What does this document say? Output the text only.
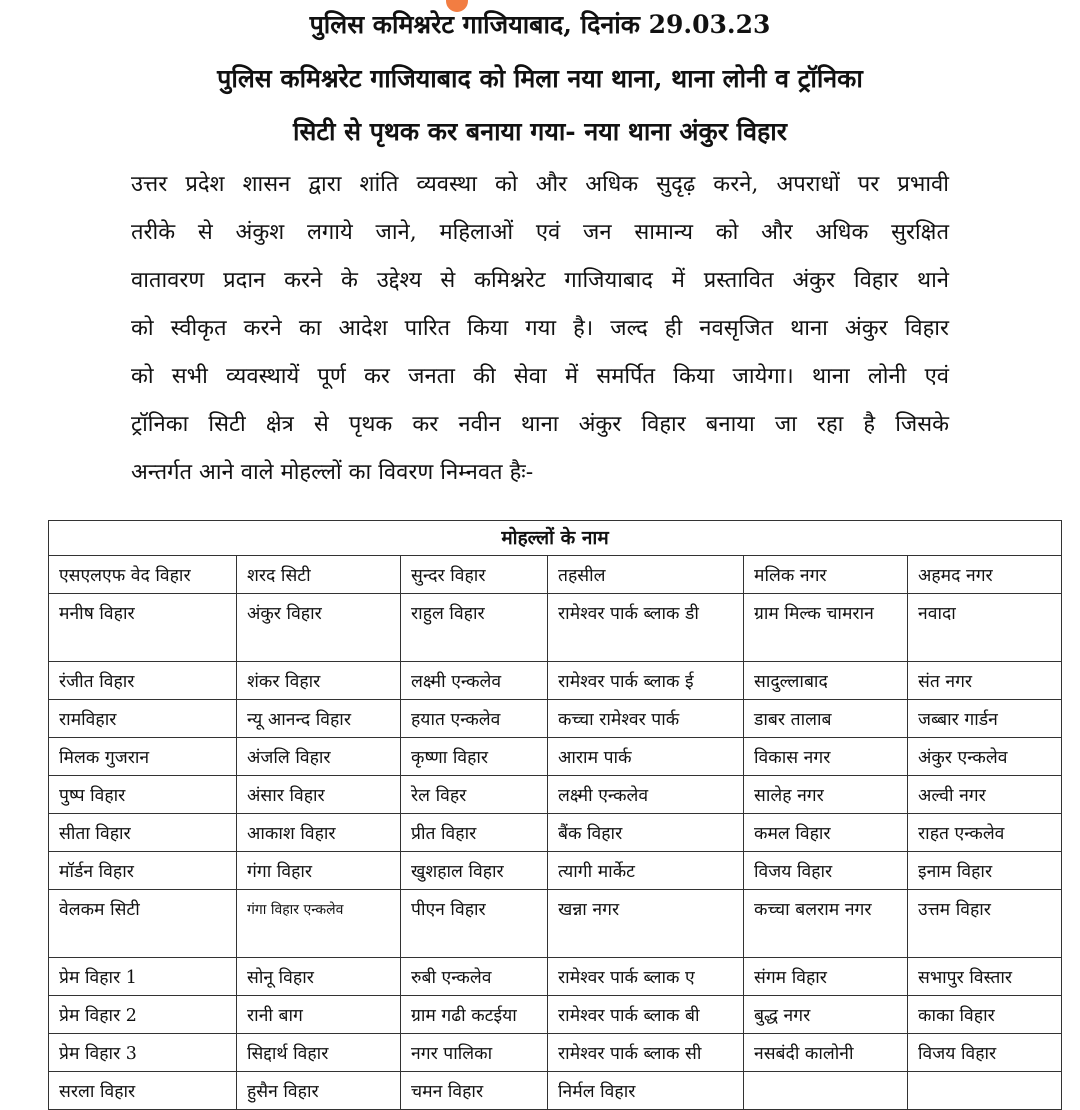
पुलिस कमिश्नरेट गाजियाबाद, दिनांक 29.03.23
पुलिस कमिश्नरेट गाजियाबाद को मिला नया थाना, थाना लोनी व ट्रॉनिका
सिटी से पृथक कर बनाया गया- नया थाना अंकुर विहार
उत्तर प्रदेश शासन द्वारा शांति व्यवस्था को और अधिक सुदृढ़ करने, अपराधों पर प्रभावी
तरीके से अंकुश लगाये जाने, महिलाओं एवं जन सामान्य को और अधिक सुरक्षित
वातावरण प्रदान करने के उद्देश्य से कमिश्नरेट गाजियाबाद में प्रस्तावित अंकुर विहार थाने
को स्वीकृत करने का आदेश पारित किया गया है। जल्द ही नवसृजित थाना अंकुर विहार
को सभी व्यवस्थायें पूर्ण कर जनता की सेवा में समर्पित किया जायेगा। थाना लोनी एवं
ट्रॉनिका सिटी क्षेत्र से पृथक कर नवीन थाना अंकुर विहार बनाया जा रहा है जिसके
अन्तर्गत आने वाले मोहल्लों का विवरण निम्नवत हैः-
मोहल्लों के नाम					
एसएलएफ वेद विहार	शरद सिटी	सुन्दर विहार	तहसील	मलिक नगर	अहमद नगर
मनीष विहार	अंकुर विहार	राहुल विहार	रामेश्वर पार्क ब्लाक डी	ग्राम मिल्क चामरान	नवादा
रंजीत विहार	शंकर विहार	लक्ष्मी एन्कलेव	रामेश्वर पार्क ब्लाक ई	सादुल्लाबाद	संत नगर
रामविहार	न्यू आनन्द विहार	हयात एन्कलेव	कच्चा रामेश्वर पार्क	डाबर तालाब	जब्बार गार्डन
मिलक गुजरान	अंजलि विहार	कृष्णा विहार	आराम पार्क	विकास नगर	अंकुर एन्कलेव
पुष्प विहार	अंसार विहार	रेल विहर	लक्ष्मी एन्कलेव	सालेह नगर	अल्वी नगर
सीता विहार	आकाश विहार	प्रीत विहार	बैंक विहार	कमल विहार	राहत एन्कलेव
मॉर्डन विहार	गंगा विहार	खुशहाल विहार	त्यागी मार्केट	विजय विहार	इनाम विहार
वेलकम सिटी	गंगा विहार एन्कलेव	पीएन विहार	खन्ना नगर	कच्चा बलराम नगर	उत्तम विहार
प्रेम विहार 1	सोनू विहार	रुबी एन्कलेव	रामेश्वर पार्क ब्लाक ए	संगम विहार	सभापुर विस्तार
प्रेम विहार 2	रानी बाग	ग्राम गढी कटईया	रामेश्वर पार्क ब्लाक बी	बुद्ध नगर	काका विहार
प्रेम विहार 3	सिद्दार्थ विहार	नगर पालिका	रामेश्वर पार्क ब्लाक सी	नसबंदी कालोनी	विजय विहार
सरला विहार	हुसैन विहार	चमन विहार	निर्मल विहार		
